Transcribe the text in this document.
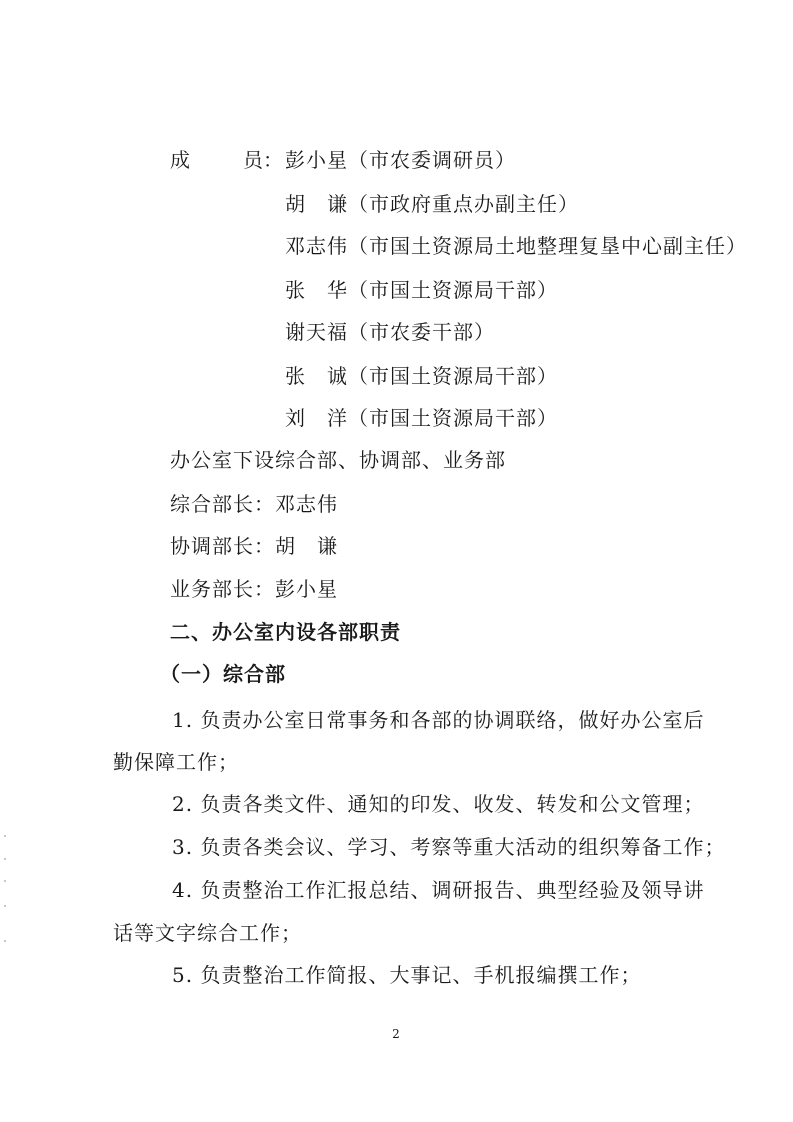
成	员： 彭小星（市农委调研员）
胡　谦（市政府重点办副主任）
邓志伟（市国土资源局土地整理复垦中心副主任）
张　华（市国土资源局干部）
谢天福（市农委干部）
张　诚（市国土资源局干部）
刘　洋（市国土资源局干部）
办公室下设综合部、协调部、业务部
综合部长：邓志伟
协调部长：胡　谦
业务部长：彭小星
二、办公室内设各部职责
（一）综合部
1. 负责办公室日常事务和各部的协调联络，做好办公室后
勤保障工作；
2. 负责各类文件、通知的印发、收发、转发和公文管理；
3. 负责各类会议、学习、考察等重大活动的组织筹备工作；
4. 负责整治工作汇报总结、调研报告、典型经验及领导讲
话等文字综合工作；
5. 负责整治工作简报、大事记、手机报编撰工作；
2
